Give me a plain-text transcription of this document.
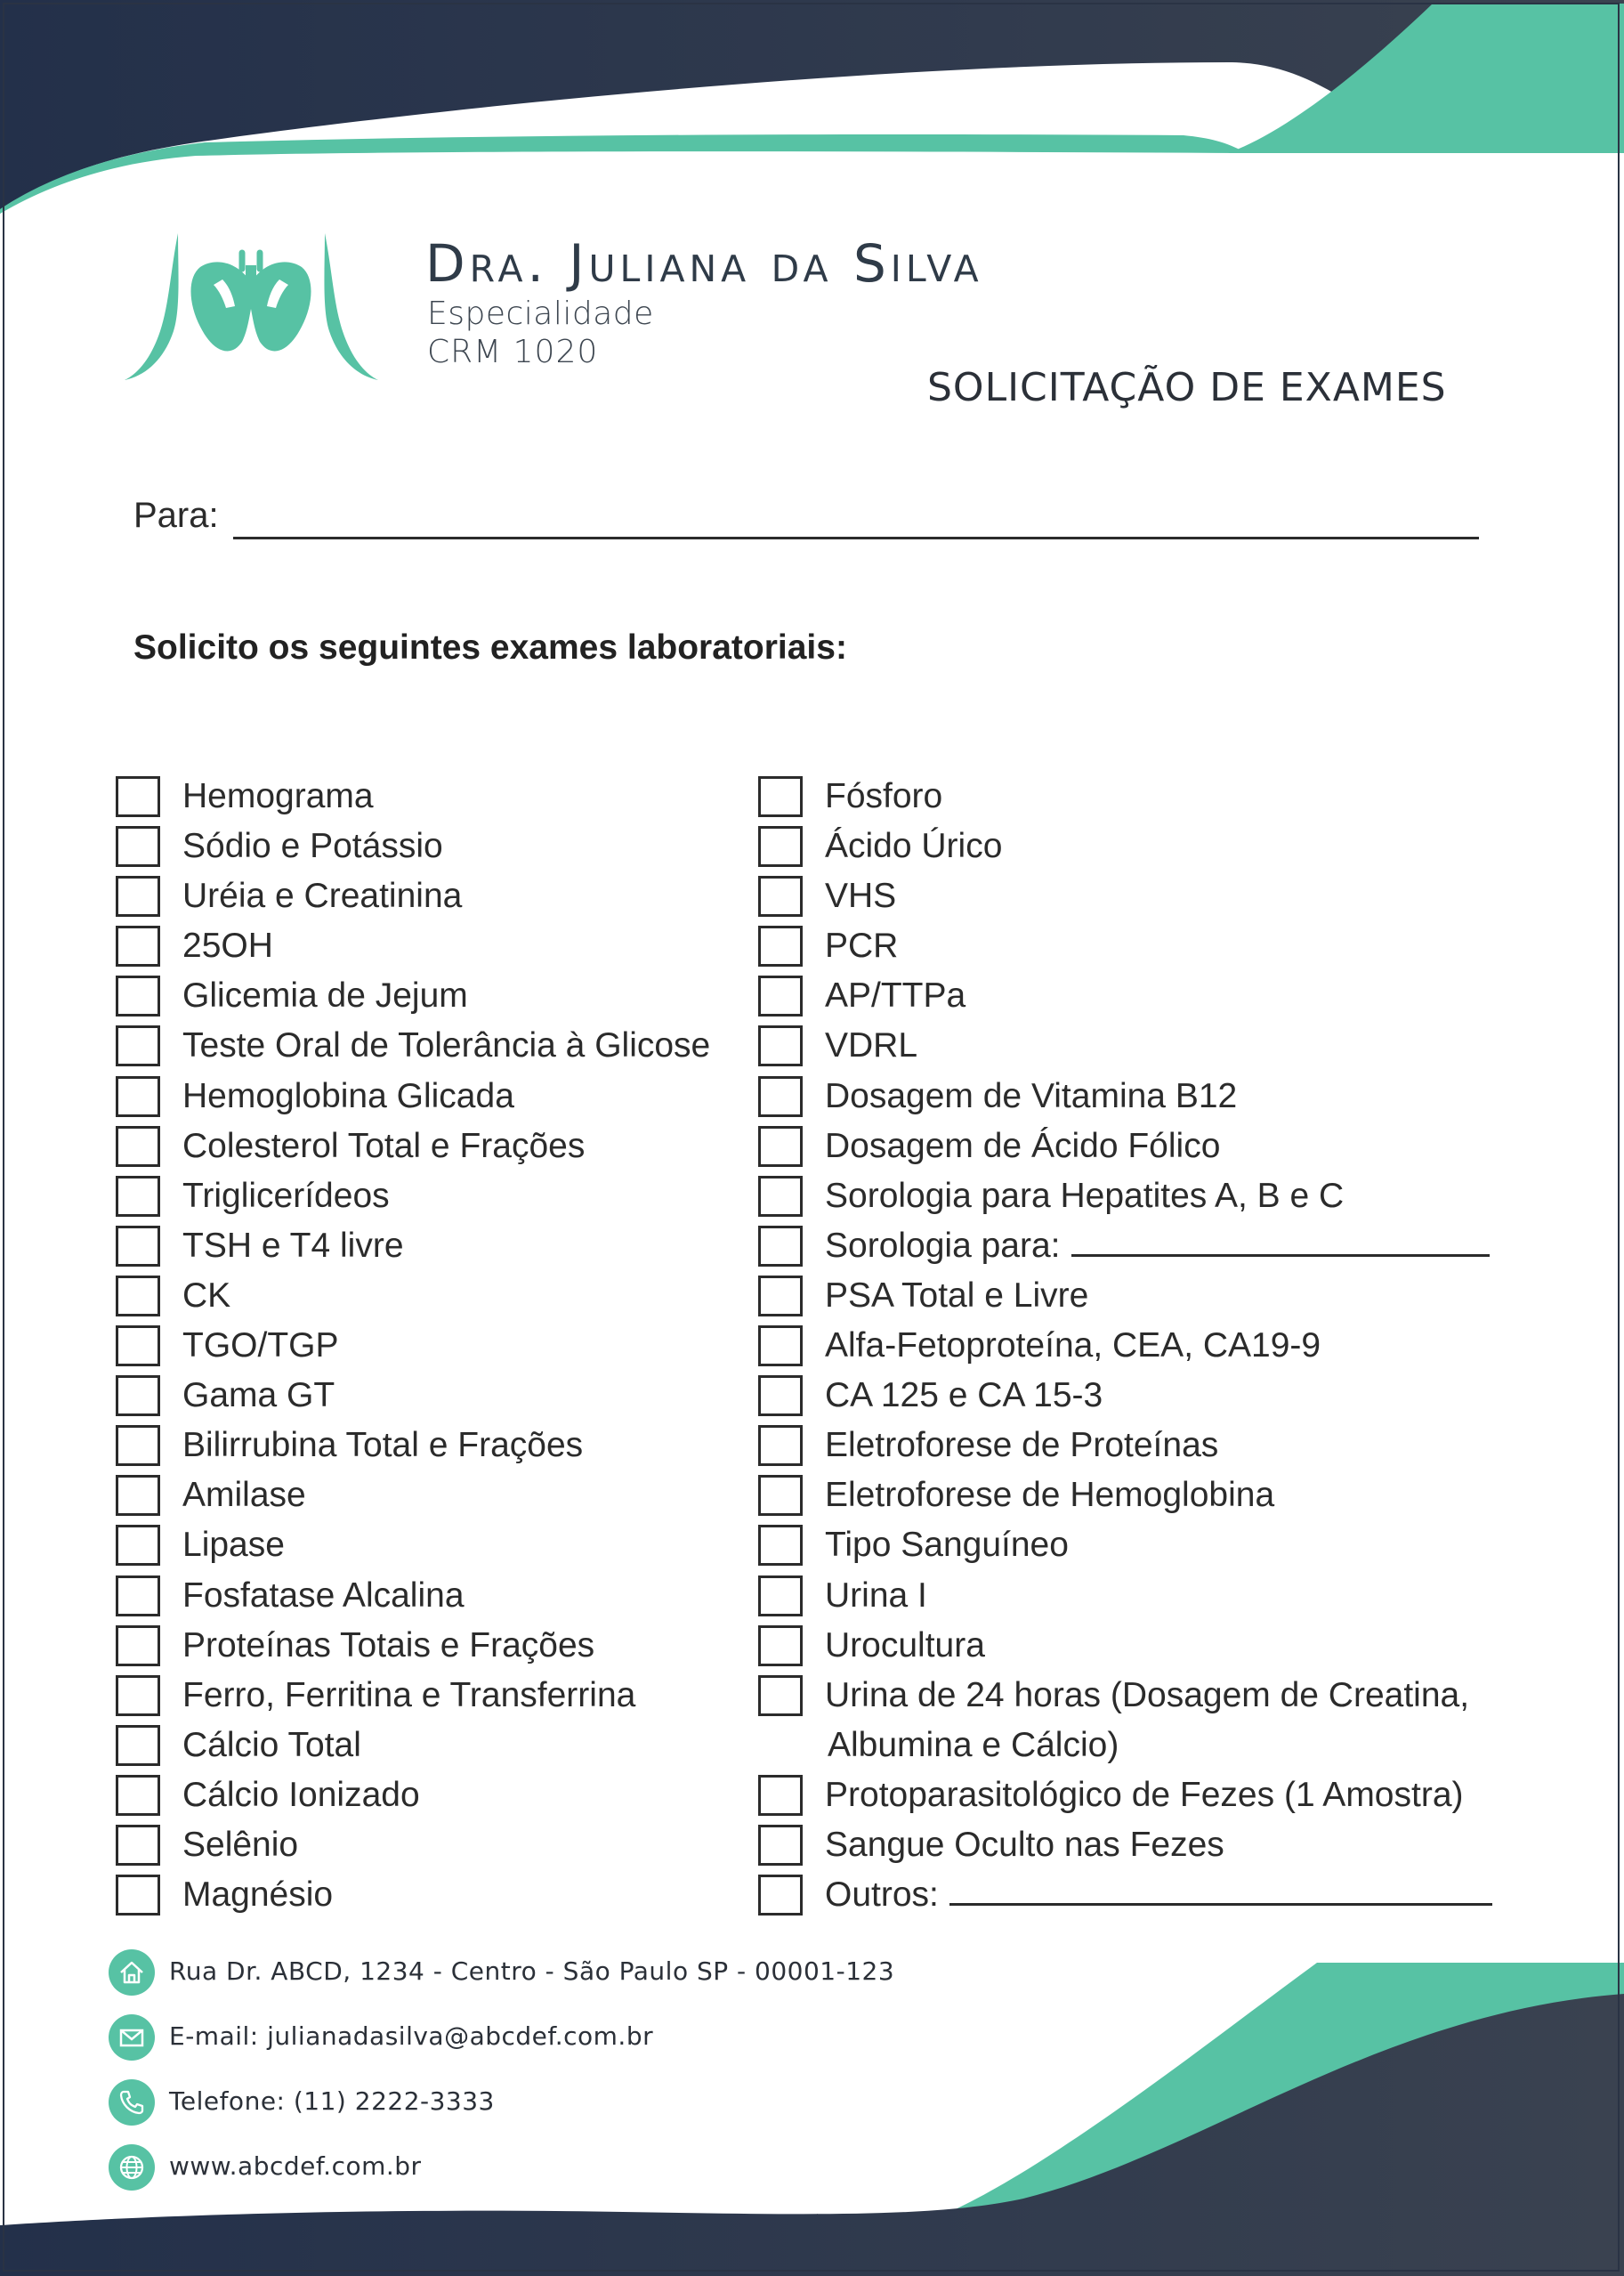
Dra. Juliana da Silva
Especialidade
CRM 1020
SOLICITAÇÃO DE EXAMES
Para:
Solicito os seguintes exames laboratoriais:
Hemograma
Sódio e Potássio
Uréia e Creatinina
25OH
Glicemia de Jejum
Teste Oral de Tolerância à Glicose
Hemoglobina Glicada
Colesterol Total e Frações
Triglicerídeos
TSH e T4 livre
CK
TGO/TGP
Gama GT
Bilirrubina Total e Frações
Amilase
Lipase
Fosfatase Alcalina
Proteínas Totais e Frações
Ferro, Ferritina e Transferrina
Cálcio Total
Cálcio Ionizado
Selênio
Magnésio
Fósforo
Ácido Úrico
VHS
PCR
AP/TTPa
VDRL
Dosagem de Vitamina B12
Dosagem de Ácido Fólico
Sorologia para Hepatites A, B e C
Sorologia para:
PSA Total e Livre
Alfa-Fetoproteína, CEA, CA19-9
CA 125 e CA 15-3
Eletroforese de Proteínas
Eletroforese de Hemoglobina
Tipo Sanguíneo
Urina I
Urocultura
Urina de 24 horas (Dosagem de Creatina,
Albumina e Cálcio)
Protoparasitológico de Fezes (1 Amostra)
Sangue Oculto nas Fezes
Outros:
Rua Dr. ABCD, 1234 - Centro - São Paulo SP - 00001-123
E-mail: julianadasilva@abcdef.com.br
Telefone: (11) 2222-3333
www.abcdef.com.br
